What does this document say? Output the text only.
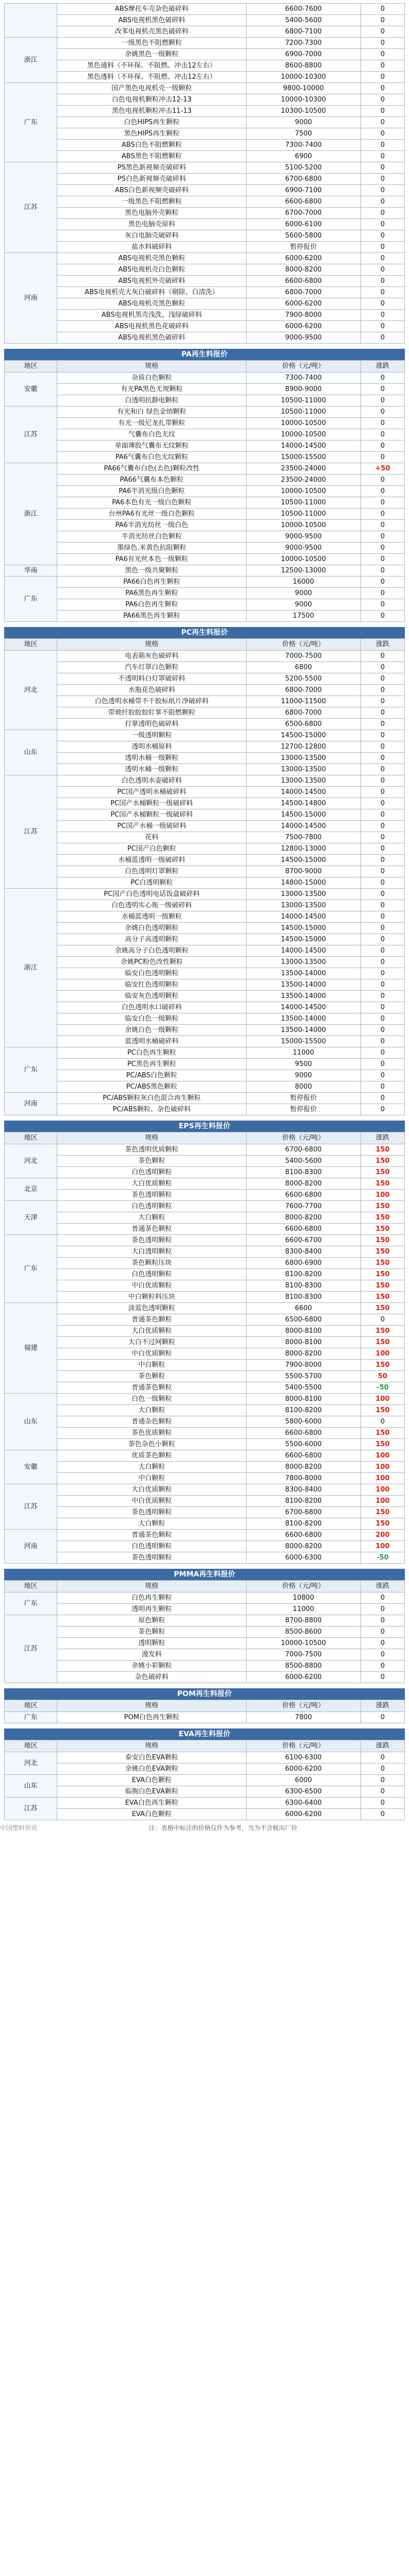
	ABS摩托车壳杂色破碎料	6600-7600	0
	ABS电视机黑色破碎料	5400-5600	0
	改苯电视机壳黑色破碎料	6800-7100	0
浙江	一级黑色不阻燃颗粒	7200-7300	0
	余姚黑色一级颗粒	6900-7000	0
	黑色通料（不环保、不阻燃、冲击12左右）	8600-8800	0
	黑色透料（不环保、不阻燃、冲击12左右）	10000-10300	0
广东	国产黑色电视机壳一级颗粒	9800-10000	0
	白色电视机颗粒冲击12-13	10000-10300	0
	黑色电视机颗粒冲击11-13	10300-10500	0
	白色HIPS再生颗粒	9000	0
	黑色HIPS再生颗粒	7500	0
	ABS白色不阻燃颗粒	7300-7400	0
	ABS黑色不阻燃颗粒	6900	0
江苏	PS黑色新视频壳破碎料	5100-5200	0
	PS白色新视频壳破碎料	6700-6800	0
	ABS白色新视频壳破碎料	6900-7100	0
	一级黑色不阻燃颗粒	6600-6800	0
	黑色电脑外壳颗粒	6700-7000	0
	黑色电脑壳原料	6000-6100	0
	灰白电脑壳破碎料	5600-5800	0
	盐水料破碎料	暂停报价	0
河南	ABS电视机壳黑色颗粒	6000-6200	0
	ABS电视机壳白色颗粒	8000-8200	0
	ABS电视机外壳破碎料	6600-6800	0
	ABS电视机壳大灰白破碎料（剔除、白清洗）	6800-7000	0
	ABS电视机壳黑色颗粒	6000-6200	0
	ABS电视机黑壳浅洗、浅绿破碎料	7900-8000	0
	ABS电视机黑色花破碎料	6000-6200	0
	ABS电视机黑色破碎料	9000-9500	0
PA再生料报价
地区	规格	价格（元/吨）	涨跌
安徽	杂质白色颗粒	7300-7400	0
	有光PA黑色无规颗粒	8900-9000	0
	白透明抗静电颗粒	10500-11000	0
江苏	有光和白 绿色金纳颗粒	10500-11000	0
	有光一级尼龙扎带颗粒	10000-10500	0
	气囊布白色无纹	10000-10500	0
	单面薄胶气囊布无纹颗粒	14000-14500	0
	PA6气囊布白色无纹颗粒	15000-15500	0
浙江	PA66气囊布白色(去色)颗粒改性	23500-24000	+50
	PA66气囊布本色颗粒	23500-24000	0
	PA6半消光级白色颗粒	10000-10500	0
	PA6本色有光一级白色颗粒	10500-11000	0
	台州PA6有光丝一级白色颗粒	10500-11000	0
	PA6半消光纺丝一级白色	10000-10500	0
	半消光纺丝白色颗粒	9000-9500	0
	墨绿色.米黄色抗阻颗粒	9000-9500	0
	PA6有光丝本色一级颗粒	10000-10500	0
华南	黑色一级共聚颗粒	12500-13000	0
广东	PA66白色再生颗粒	16000	0
	PA6黑色再生颗粒	9000	0
	PA6白色再生颗粒	9000	0
	PA66黑色再生颗粒	17500	0
PC再生料报价
地区	规格	价格（元/吨）	涨跌
河北	电表箱灰色破碎料	7000-7500	0
	汽车灯罩白色颗粒	6800	0
	不透明料白灯罩破碎料	5200-5500	0
	水瓶花色破碎料	6800-7000	0
	白色透明水桶带不干胶标纸片净破碎料	11000-11500	0
	带玻纤胶胶胶盯掌不阻燃颗粒	6800-7000	0
	打掌透明色破碎料	6500-6800	0
山东	一级透明颗粒	14500-15000	0
	透明水桶原料	12700-12800	0
	透明水桶一级颗粒	13000-13500	0
	透明水桶一级颗粒	13000-13500	0
江苏	白色透明水壶破碎料	13000-13500	0
	PC国产透明水桶破碎料	14000-14500	0
	PC国产水桶颗粒一级破碎料	14500-14800	0
	PC国产水桶颗粒一级破碎料	14500-15000	0
	PC国产水桶一级破碎料	14000-14500	0
	花料	7500-7800	0
	PC国产白色颗粒	12800-13000	0
	水桶蓝透明一级破碎料	14500-15000	0
	白色透明灯罩颗粒	8700-9000	0
	PC白透明颗粒	14800-15000	0
浙江	PC国产白色透明电话饭盒破碎料	13000-13500	0
	白色透明实心瓶一级破碎料	13000-13500	0
	水桶蓝透明一级颗粒	14000-14500	0
	余姚白色透明颗粒	14500-15000	0
	高分子高透明颗粒	14500-15000	0
	余姚高分子白色透明颗粒	14000-14500	0
	余姚PC粉色改性颗粒	13000-13500	0
	临安白色透明颗粒	13500-14000	0
	临安红色透明颗粒	13500-14000	0
	临安灰色透明颗粒	13500-14000	0
	白色透明水口破碎料	14000-14500	0
	临安白色一级颗粒	13500-14000	0
	余姚白色一级颗粒	13500-14000	0
	蓝透明水桶破碎料	15000-15500	0
广东	PC白色再生颗粒	11000	0
	PC黑色再生颗粒	9500	0
	PC/ABS白色颗粒	9000	0
	PC/ABS黑色颗粒	8000	0
河南	PC/ABS颗粒灰白色混合再生颗粒	暂停报价	0
	PC/ABS颗粒、杂色破碎料	暂停报价	0
EPS再生料报价
地区	规格	价格（元/吨）	涨跌
河北	茶色透明优质颗粒	6700-6800	150
	茶色颗粒	5400-5600	150
	白色透明颗粒	8100-8300	150
北京	大白优质颗粒	8000-8200	150
	茶色透明颗粒	6600-6800	100
天津	白色透明颗粒	7600-7700	150
	大白颗粒	8000-8200	150
	普通茶色颗粒	6600-6800	150
广东	茶色透明颗粒	6600-6700	150
	大白透明颗粒	8300-8400	150
	茶色颗粒压块	6800-6900	150
	白色透明颗粒	8100-8200	150
	中白优质颗粒	8100-8300	150
	中白颗粒料压块	8100-8300	150
福建	淡蓝色透明颗粒	6600	150
	普通茶色颗粒	6500-6800	0
	大白优质颗粒	8000-8100	150
	大白不过网颗粒	8000-8100	150
	中白优质颗粒	8000-8200	100
	中白颗粒	7900-8000	150
	茶色颗粒	5500-5700	50
	普通茶色颗粒	5400-5500	-50
山东	白色一级颗粒	8000-8100	100
	大白颗粒	8100-8200	150
	普通杂色颗粒	5800-6000	0
	茶色优质颗粒	6600-6800	150
	茶色杂色小颗粒	5500-6000	150
安徽	优质茶色颗粒	6600-6800	100
	大白颗粒	8000-8200	100
	中白颗粒	7800-8000	100
江苏	大白优质颗粒	8300-8400	100
	中白优质颗粒	8100-8200	100
	茶色透明颗粒	6700-6800	150
	大白颗粒	8100-8200	150
河南	普通茶色颗粒	6600-6800	200
	白色透明颗粒	8000-8200	100
	茶色透明颗粒	6000-6300	-50
PMMA再生料报价
地区	规格	价格（元/吨）	涨跌
广东	白色再生颗粒	10800	0
	透明再生颗粒	11000	0
江苏	原色颗粒	8700-8800	0
	茶色颗粒	8500-8600	0
	透明颗粒	10000-10500	0
	漫发料	7000-7500	0
	余姚小彩颗粒	8500-8800	0
	杂色破碎料	6000-6200	0
POM再生料报价
地区	规格	价格（元/吨）	涨跌
广东	POM白色再生颗粒	7800	0
EVA再生料报价
地区	规格	价格（元/吨）	涨跌
河北	泰安白色EVA颗粒	6100-6300	0
	余姚白色EVA颗粒	6000-6200	0
山东	EVA白色颗粒	6000	0
	临朐白色EVA颗粒	6300-6500	0
江苏	EVA白色再生颗粒	6300-6400	0
	EVA白色颗粒	6000-6200	0
中国塑料资讯	注：表格中标注的价格仅作为参考，当为不含税出厂价
